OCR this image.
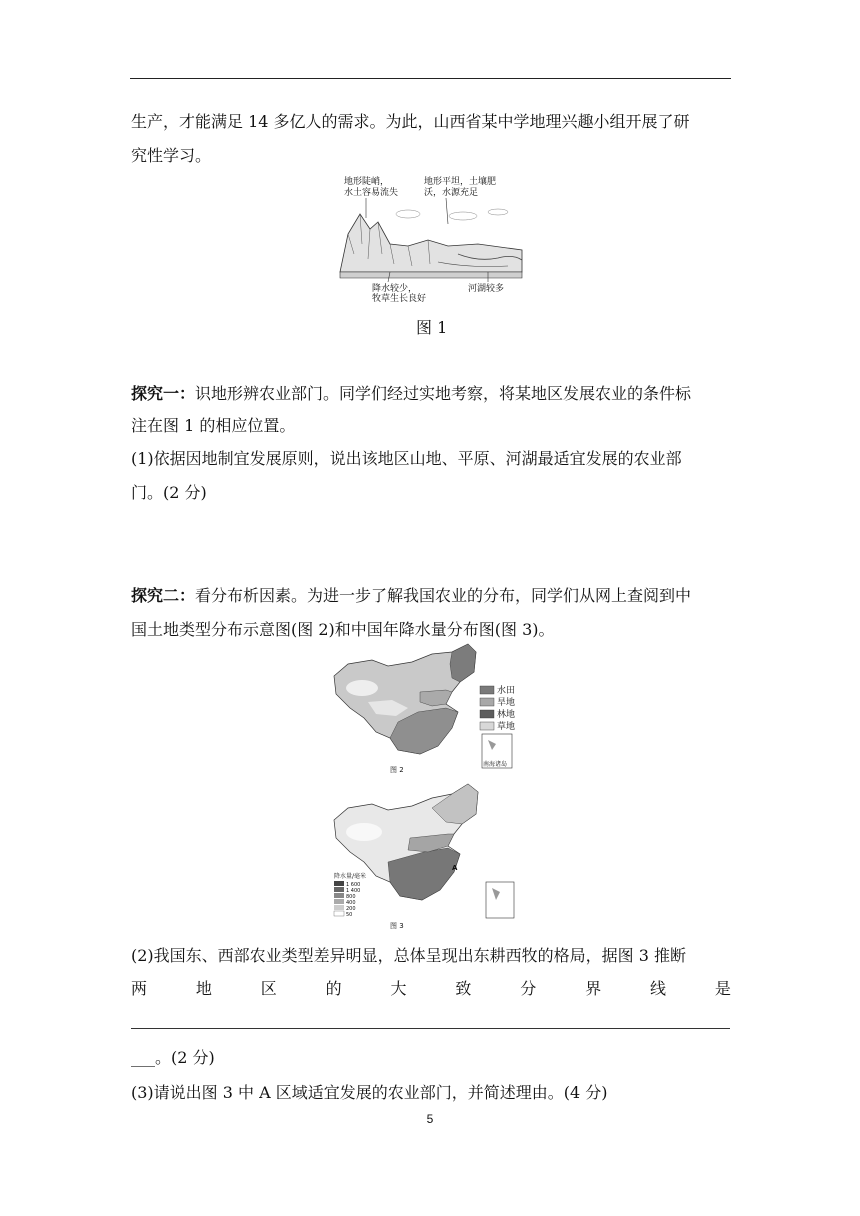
生产，才能满足 14 多亿人的需求。为此，山西省某中学地理兴趣小组开展了研

究性学习。

地形陡峭，
水土容易流失
地形平坦，土壤肥
沃，水源充足
降水较少，
牧草生长良好
河湖较多
图 1

探究一：识地形辨农业部门。同学们经过实地考察，将某地区发展农业的条件标

注在图 1 的相应位置。

(1)依据因地制宜发展原则，说出该地区山地、平原、河湖最适宜发展的农业部

门。(2 分)

探究二：看分布析因素。为进一步了解我国农业的分布，同学们从网上查阅到中

国土地类型分布示意图(图 2)和中国年降水量分布图(图 3)。

水田
旱地
林地
草地
南海诸岛
图 2
A
降水量/毫米
1 600
1 400
800
400
200
50
图 3

(2)我国东、西部农业类型差异明显，总体呈现出东耕西牧的格局，据图 3 推断

两	地	区	的	大	致	分	界	线	是

___。(2 分)

(3)请说出图 3 中 A 区域适宜发展的农业部门，并简述理由。(4 分)

5
